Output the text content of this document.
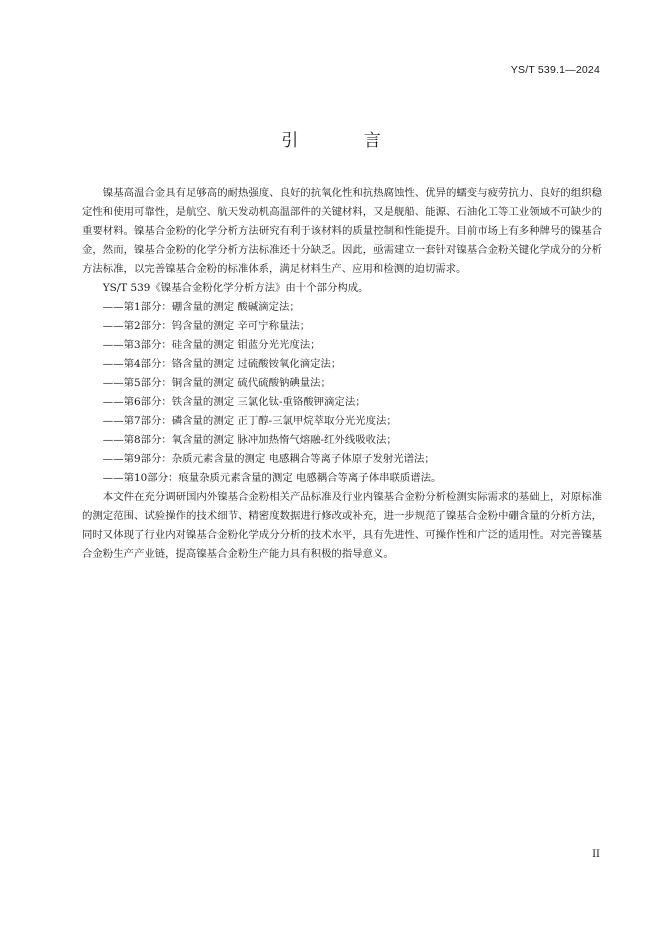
YS/T 539.1—2024
引 言

镍基高温合金具有足够高的耐热强度、良好的抗氧化性和抗热腐蚀性、优异的蠕变与疲劳抗力、良好的组织稳定性和使用可靠性，是航空、航天发动机高温部件的关键材料，又是舰船、能源、石油化工等工业领域不可缺少的重要材料。镍基合金粉的化学分析方法研究有利于该材料的质量控制和性能提升。目前市场上有多种牌号的镍基合金，然而，镍基合金粉的化学分析方法标准还十分缺乏。因此，亟需建立一套针对镍基合金粉关键化学成分的分析方法标准，以完善镍基合金粉的标准体系，满足材料生产、应用和检测的迫切需求。

YS/T 539《镍基合金粉化学分析方法》由十个部分构成。

——第1部分：硼含量的测定 酸碱滴定法；
——第2部分：钨含量的测定 辛可宁称量法；
——第3部分：硅含量的测定 钼蓝分光光度法；
——第4部分：铬含量的测定 过硫酸铵氧化滴定法；
——第5部分：铜含量的测定 硫代硫酸钠碘量法；
——第6部分：铁含量的测定 三氯化钛-重铬酸钾滴定法；
——第7部分：磷含量的测定 正丁醇-三氯甲烷萃取分光光度法；
——第8部分：氧含量的测定 脉冲加热惰气熔融-红外线吸收法；
——第9部分：杂质元素含量的测定 电感耦合等离子体原子发射光谱法；
——第10部分：痕量杂质元素含量的测定 电感耦合等离子体串联质谱法。

本文件在充分调研国内外镍基合金粉相关产品标准及行业内镍基合金粉分析检测实际需求的基础上，对原标准的测定范围、试验操作的技术细节、精密度数据进行修改或补充，进一步规范了镍基合金粉中硼含量的分析方法，同时又体现了行业内对镍基合金粉化学成分分析的技术水平，具有先进性、可操作性和广泛的适用性。对完善镍基合金粉生产产业链，提高镍基合金粉生产能力具有积极的指导意义。

II
